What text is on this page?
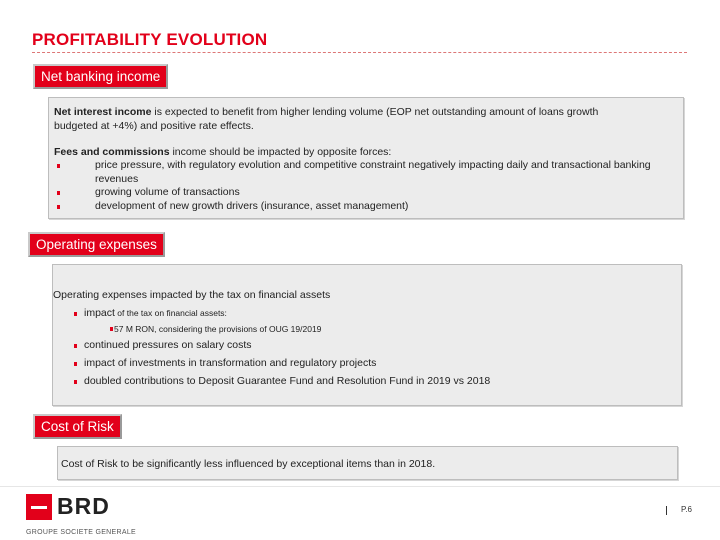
PROFITABILITY EVOLUTION
Net banking income

Net interest income is expected to benefit from higher lending volume (EOP net outstanding amount of loans growth budgeted at +4%) and positive rate effects.

Fees and commissions income should be impacted by opposite forces:

price pressure, with regulatory evolution and competitive constraint negatively impacting daily and transactional banking revenues
growing volume of transactions
development of new growth drivers (insurance, asset management)
Operating expenses
Operating expenses impacted by the tax on financial assets
impact of the tax on financial assets:
57 M RON, considering the provisions of OUG 19/2019
continued pressures on salary costs
impact of investments in transformation and regulatory projects
doubled contributions to Deposit Guarantee Fund and Resolution Fund in 2019 vs 2018
Cost of Risk
Cost of Risk to be significantly less influenced by exceptional items than in 2018.
BRD
GROUPE SOCIETE GENERALE
P.6
